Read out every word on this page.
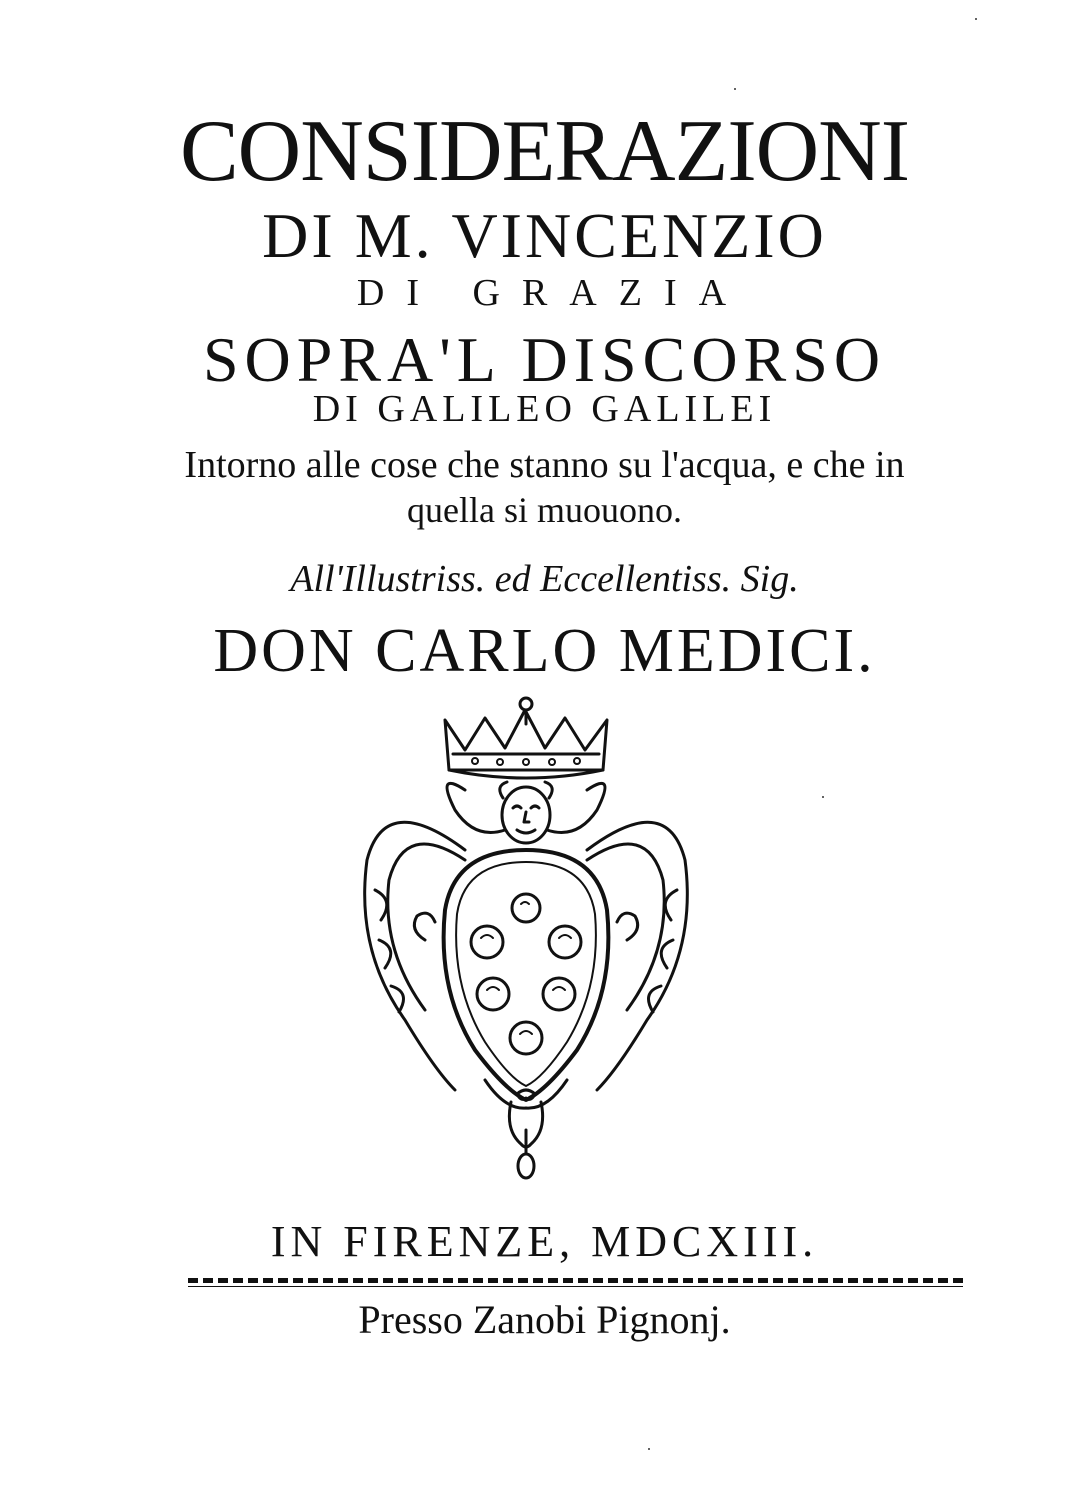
CONSIDERAZIONI
DI M. VINCENZIO
DI GRAZIA
SOPRA'L DISCORSO
DI GALILEO GALILEI
Intorno alle cose che stanno su l'acqua, e che in
quella si muouono.
All'Illustriss. ed Eccellentiss. Sig.
DON CARLO MEDICI.
IN FIRENZE, MDCXIII.
Presso Zanobi Pignonj.
